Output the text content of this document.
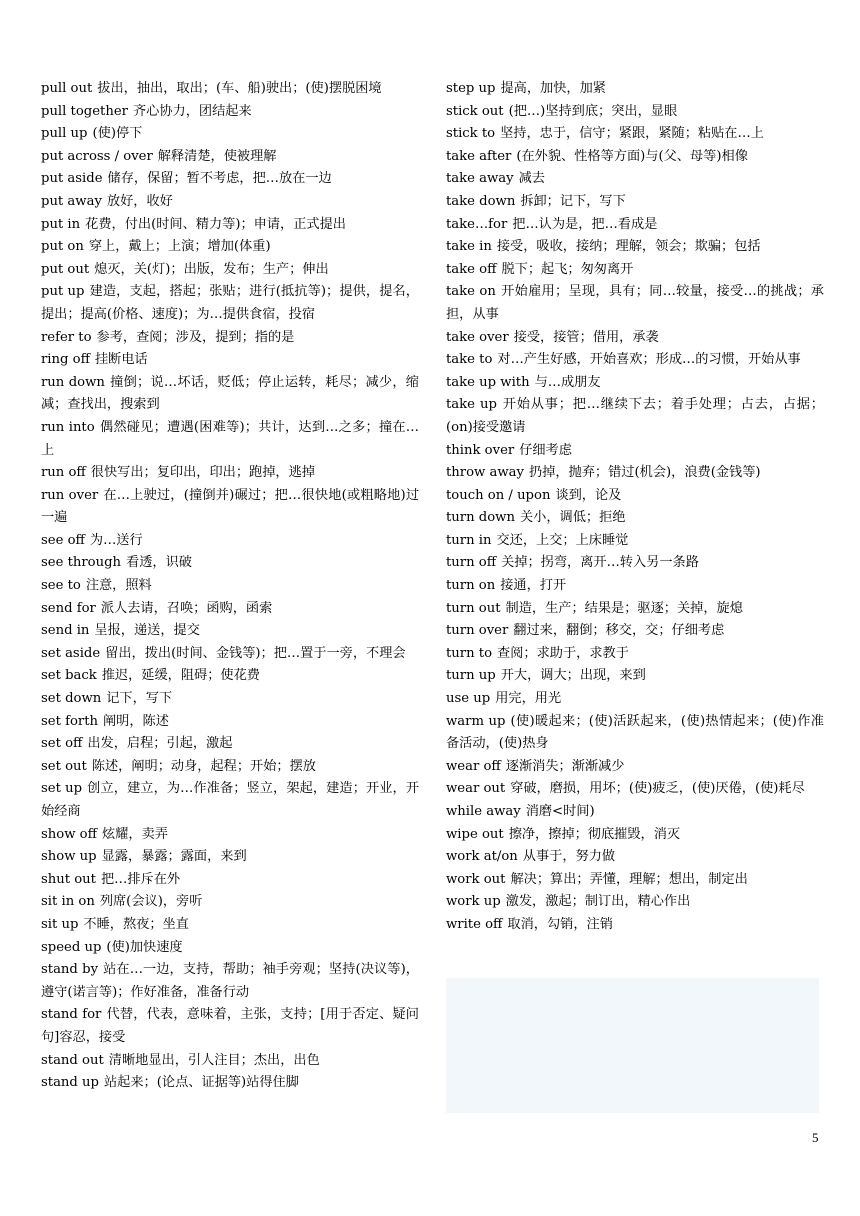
pull out 拔出，抽出，取出；(车、船)驶出；(使)摆脱困境

pull together 齐心协力，团结起来

pull up (使)停下

put across / over 解释清楚，使被理解

put aside 储存，保留；暂不考虑，把…放在一边

put away 放好，收好

put in 花费，付出(时间、精力等)；申请，正式提出

put on 穿上，戴上；上演；增加(体重)

put out 熄灭，关(灯)；出版，发布；生产；伸出

put up 建造，支起，搭起；张贴；进行(抵抗等)；提供，提名，提出；提高(价格、速度)；为…提供食宿，投宿

refer to 参考，查阅；涉及，提到；指的是

ring off 挂断电话

run down 撞倒；说…坏话，贬低；停止运转，耗尽；减少，缩减；查找出，搜索到

run into 偶然碰见；遭遇(困难等)；共计，达到…之多；撞在…上

run off 很快写出；复印出，印出；跑掉，逃掉

run over 在…上驶过，(撞倒并)碾过；把…很快地(或粗略地)过一遍

see off 为…送行

see through 看透，识破

see to 注意，照料

send for 派人去请，召唤；函购，函索

send in 呈报，递送，提交

set aside 留出，拨出(时间、金钱等)；把…置于一旁，不理会

set back 推迟，延缓，阻碍；使花费

set down 记下，写下

set forth 阐明，陈述

set off 出发，启程；引起，激起

set out 陈述，阐明；动身，起程；开始；摆放

set up 创立，建立，为…作准备；竖立，架起，建造；开业，开始经商

show off 炫耀，卖弄

show up 显露，暴露；露面，来到

shut out 把…排斥在外

sit in on 列席(会议)，旁听

sit up 不睡，熬夜；坐直

speed up (使)加快速度

stand by 站在…一边，支持，帮助；袖手旁观；坚持(决议等)，遵守(诺言等)；作好准备，准备行动

stand for 代替，代表，意味着，主张，支持；[用于否定、疑问句]容忍，接受

stand out 清晰地显出，引人注目；杰出，出色

stand up 站起来；(论点、证据等)站得住脚

step up 提高，加快，加紧

stick out (把…)坚持到底；突出，显眼

stick to 坚持，忠于，信守；紧跟，紧随；粘贴在…上

take after (在外貌、性格等方面)与(父、母等)相像

take away 减去

take down 拆卸；记下，写下

take…for 把…认为是，把…看成是

take in 接受，吸收，接纳；理解，领会；欺骗；包括

take off 脱下；起飞；匆匆离开

take on 开始雇用；呈现，具有；同…较量，接受…的挑战；承担，从事

take over 接受，接管；借用，承袭

take to 对…产生好感，开始喜欢；形成…的习惯，开始从事

take up with 与…成朋友

take up 开始从事；把…继续下去；着手处理；占去，占据；(on)接受邀请

think over 仔细考虑

throw away 扔掉，抛弃；错过(机会)，浪费(金钱等)

touch on / upon 谈到，论及

turn down 关小，调低；拒绝

turn in 交还，上交；上床睡觉

turn off 关掉；拐弯，离开…转入另一条路

turn on 接通，打开

turn out 制造，生产；结果是；驱逐；关掉，旋熄

turn over 翻过来，翻倒；移交，交；仔细考虑

turn to 查阅；求助于，求教于

turn up 开大，调大；出现，来到

use up 用完，用光

warm up (使)暖起来；(使)活跃起来，(使)热情起来；(使)作准备活动，(使)热身

wear off 逐渐消失；渐渐减少

wear out 穿破，磨损，用坏；(使)疲乏，(使)厌倦，(使)耗尽

while away 消磨<时间)

wipe out 擦净，擦掉；彻底摧毁，消灭

work at/on 从事于，努力做

work out 解决；算出；弄懂，理解；想出，制定出

work up 激发，激起；制订出，精心作出

write off 取消，勾销，注销

5
